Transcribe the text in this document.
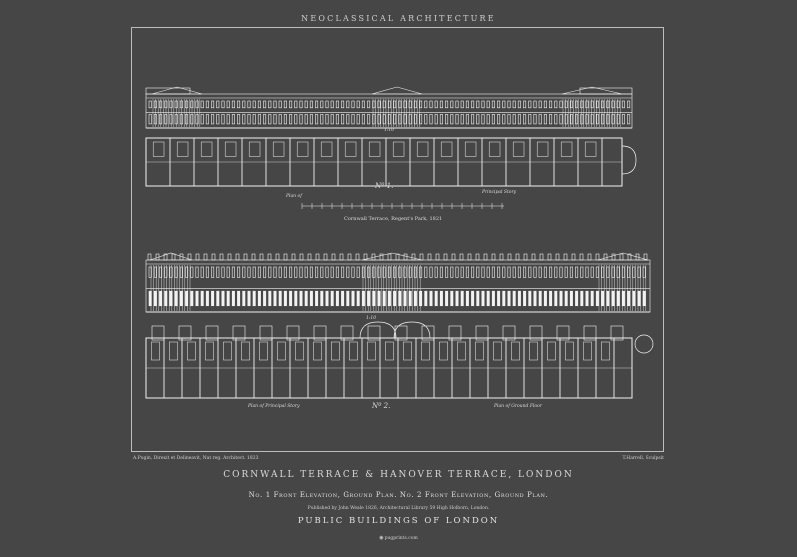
NEOCLASSICAL ARCHITECTURE
1:10
Nº 1.
Plan of
Principal Story
Cornwall Terrace, Regent's Park, 1821
1:10
Nº 2.
Plan of Principal Story	Plan of Ground Floor
A.Pugin, Direxit et Delineavit, Nat reg. Architect. 1823	T.Harrell, Sculpsit
CORNWALL TERRACE & HANOVER TERRACE, LONDON
No. 1 Front Elevation, Ground Plan. No. 2 Front Elevation, Ground Plan.
Published by John Weale 1826, Architectural Library 59 High Holborn, London.
PUBLIC BUILDINGS OF LONDON
◉pugprints.com
